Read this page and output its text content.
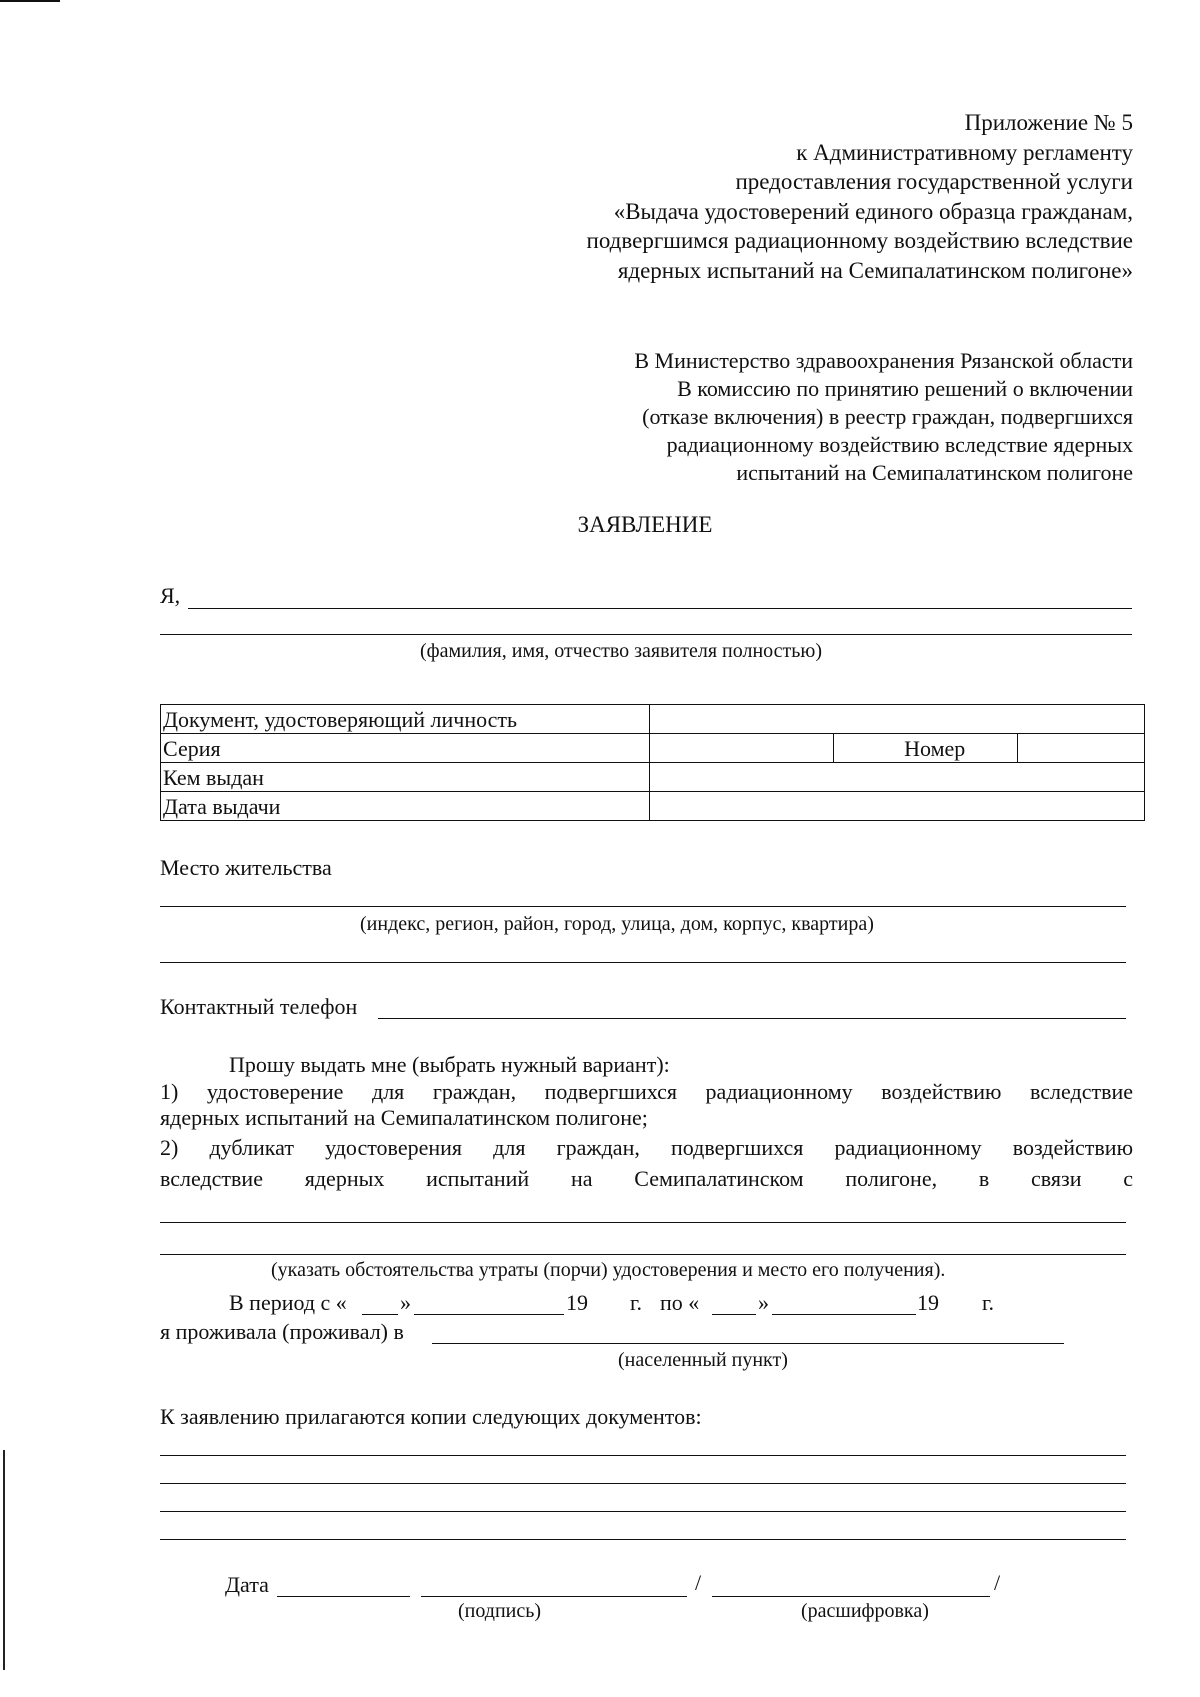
Приложение № 5
к Административному регламенту
предоставления государственной услуги
«Выдача удостоверений единого образца гражданам,
подвергшимся радиационному воздействию вследствие
ядерных испытаний на Семипалатинском полигоне»
В Министерство здравоохранения Рязанской области
В комиссию по принятию решений о включении
(отказе включения) в реестр граждан, подвергшихся
радиационному воздействию вследствие ядерных
испытаний на Семипалатинском полигоне
ЗАЯВЛЕНИЕ
Я,
(фамилия, имя, отчество заявителя полностью)
Документ, удостоверяющий личность			
Серия		Номер	
Кем выдан			
Дата выдачи			
Место жительства
(индекс, регион, район, город, улица, дом, корпус, квартира)
Контактный телефон
Прошу выдать мне (выбрать нужный вариант):
1) удостоверение для граждан, подвергшихся радиационному воздействию вследствие
ядерных испытаний на Семипалатинском полигоне;
2) дубликат удостоверения для граждан, подвергшихся радиационному воздействию
вследствие ядерных испытаний на Семипалатинском полигоне, в связи с
(указать обстоятельства утраты (порчи) удостоверения и место его получения).
В период с « »	19 г. по «	»	19 г.
я проживала (проживал) в
(населенный пункт)
К заявлению прилагаются копии следующих документов:
Дата	/	/
(подпись)	(расшифровка)
